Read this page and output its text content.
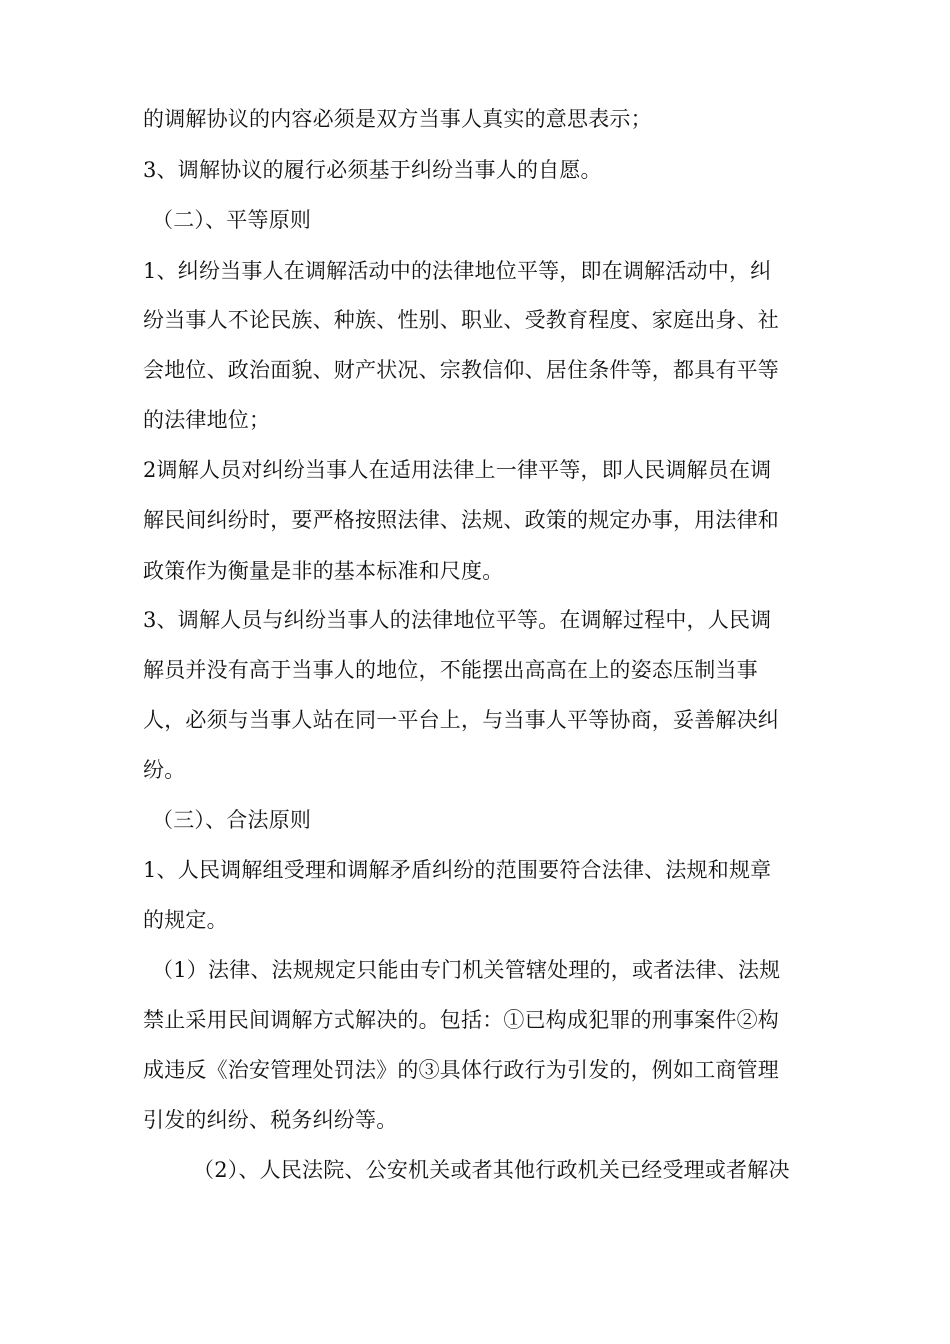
的调解协议的内容必须是双方当事人真实的意思表示；
3、调解协议的履行必须基于纠纷当事人的自愿。
（二）、平等原则
1、纠纷当事人在调解活动中的法律地位平等，即在调解活动中，纠
纷当事人不论民族、种族、性别、职业、受教育程度、家庭出身、社
会地位、政治面貌、财产状况、宗教信仰、居住条件等，都具有平等
的法律地位；
2调解人员对纠纷当事人在适用法律上一律平等，即人民调解员在调
解民间纠纷时，要严格按照法律、法规、政策的规定办事，用法律和
政策作为衡量是非的基本标准和尺度。
3、调解人员与纠纷当事人的法律地位平等。在调解过程中，人民调
解员并没有高于当事人的地位，不能摆出高高在上的姿态压制当事
人，必须与当事人站在同一平台上，与当事人平等协商，妥善解决纠
纷。
（三）、合法原则
1、人民调解组受理和调解矛盾纠纷的范围要符合法律、法规和规章
的规定。
（1）法律、法规规定只能由专门机关管辖处理的，或者法律、法规
禁止采用民间调解方式解决的。包括：①已构成犯罪的刑事案件②构
成违反《治安管理处罚法》的③具体行政行为引发的，例如工商管理
引发的纠纷、税务纠纷等。
（2）、人民法院、公安机关或者其他行政机关已经受理或者解决
